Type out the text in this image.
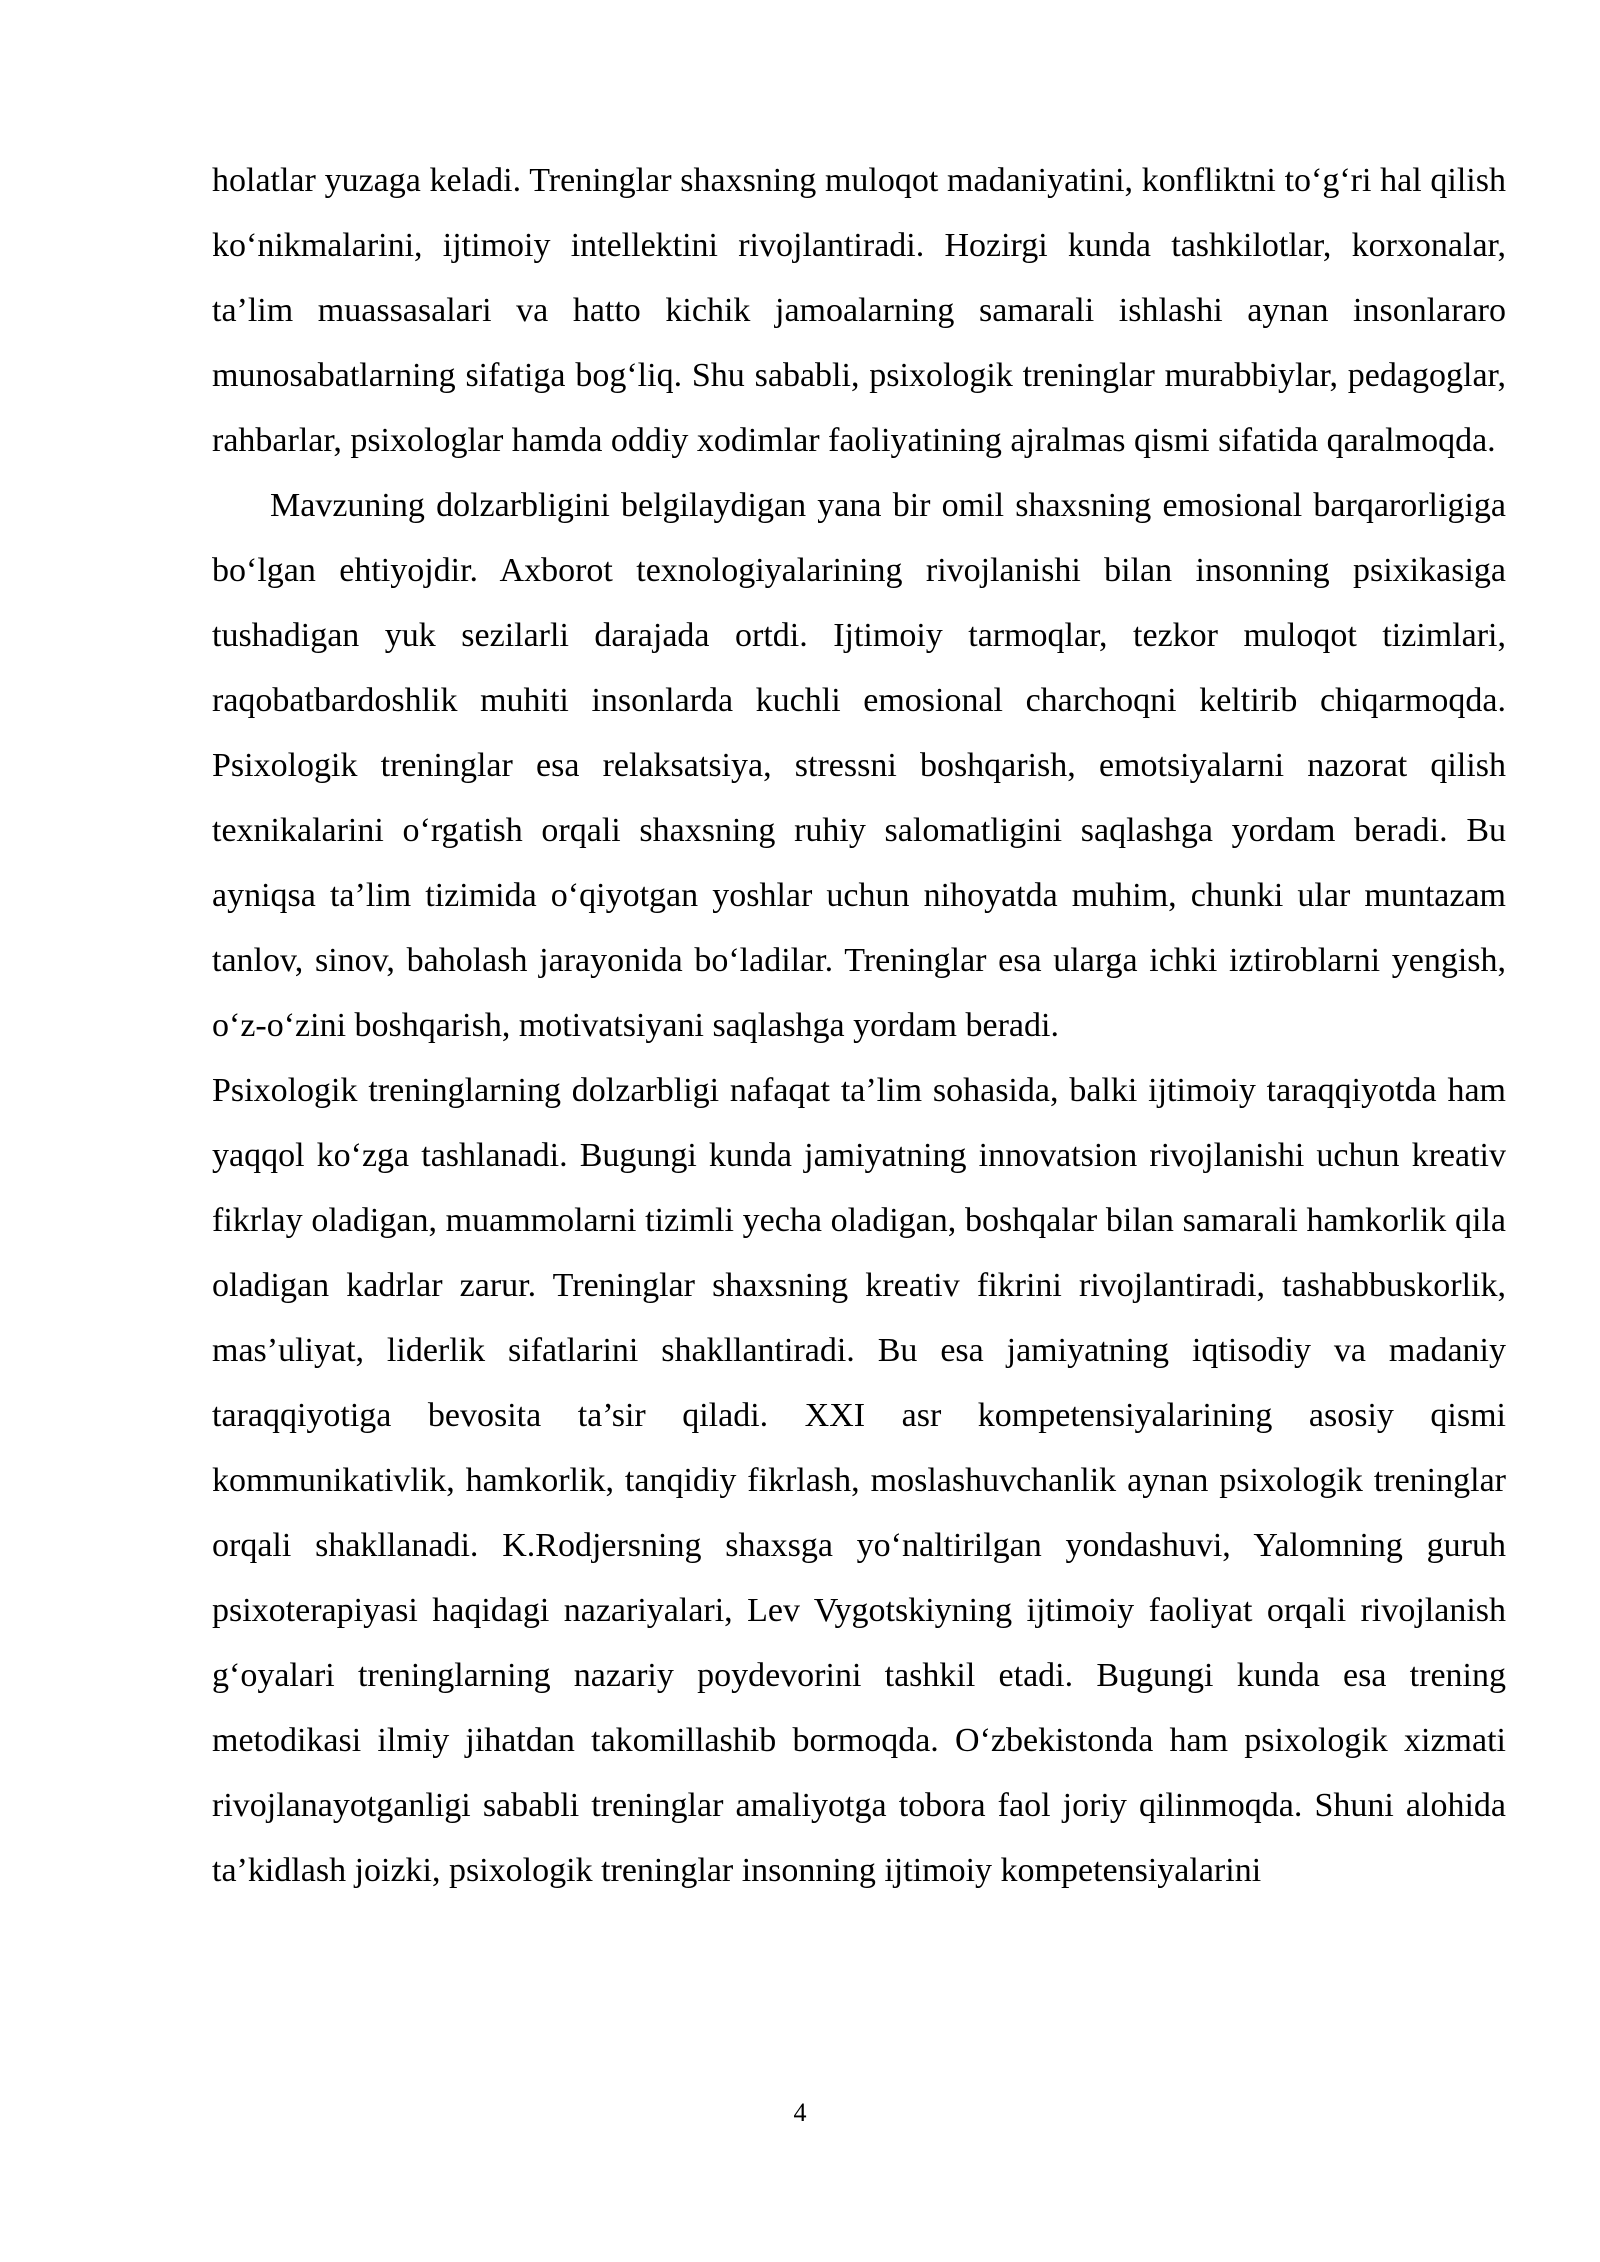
holatlar yuzaga keladi. Treninglar shaxsning muloqot madaniyatini, konfliktni to‘g‘ri hal qilish ko‘nikmalarini, ijtimoiy intellektini rivojlantiradi. Hozirgi kunda tashkilotlar, korxonalar, ta’lim muassasalari va hatto kichik jamoalarning samarali ishlashi aynan insonlararo munosabatlarning sifatiga bog‘liq. Shu sababli, psixologik treninglar murabbiylar, pedagoglar, rahbarlar, psixologlar hamda oddiy xodimlar faoliyatining ajralmas qismi sifatida qaralmoqda.

Mavzuning dolzarbligini belgilaydigan yana bir omil shaxsning emosional barqarorligiga bo‘lgan ehtiyojdir. Axborot texnologiyalarining rivojlanishi bilan insonning psixikasiga tushadigan yuk sezilarli darajada ortdi. Ijtimoiy tarmoqlar, tezkor muloqot tizimlari, raqobatbardoshlik muhiti insonlarda kuchli emosional charchoqni keltirib chiqarmoqda. Psixologik treninglar esa relaksatsiya, stressni boshqarish, emotsiyalarni nazorat qilish texnikalarini o‘rgatish orqali shaxsning ruhiy salomatligini saqlashga yordam beradi. Bu ayniqsa ta’lim tizimida o‘qiyotgan yoshlar uchun nihoyatda muhim, chunki ular muntazam tanlov, sinov, baholash jarayonida bo‘ladilar. Treninglar esa ularga ichki iztiroblarni yengish, o‘z-o‘zini boshqarish, motivatsiyani saqlashga yordam beradi.

Psixologik treninglarning dolzarbligi nafaqat ta’lim sohasida, balki ijtimoiy taraqqiyotda ham yaqqol ko‘zga tashlanadi. Bugungi kunda jamiyatning innovatsion rivojlanishi uchun kreativ fikrlay oladigan, muammolarni tizimli yecha oladigan, boshqalar bilan samarali hamkorlik qila oladigan kadrlar zarur. Treninglar shaxsning kreativ fikrini rivojlantiradi, tashabbuskorlik, mas’uliyat, liderlik sifatlarini shakllantiradi. Bu esa jamiyatning iqtisodiy va madaniy taraqqiyotiga bevosita ta’sir qiladi. XXI asr kompetensiyalarining asosiy qismi kommunikativlik, hamkorlik, tanqidiy fikrlash, moslashuvchanlik aynan psixologik treninglar orqali shakllanadi. K.Rodjersning shaxsga yo‘naltirilgan yondashuvi, Yalomning guruh psixoterapiyasi haqidagi nazariyalari, Lev Vygotskiyning ijtimoiy faoliyat orqali rivojlanish g‘oyalari treninglarning nazariy poydevorini tashkil etadi. Bugungi kunda esa trening metodikasi ilmiy jihatdan takomillashib bormoqda. O‘zbekistonda ham psixologik xizmati rivojlanayotganligi sababli treninglar amaliyotga tobora faol joriy qilinmoqda. Shuni alohida ta’kidlash joizki, psixologik treninglar insonning ijtimoiy kompetensiyalarini

4
